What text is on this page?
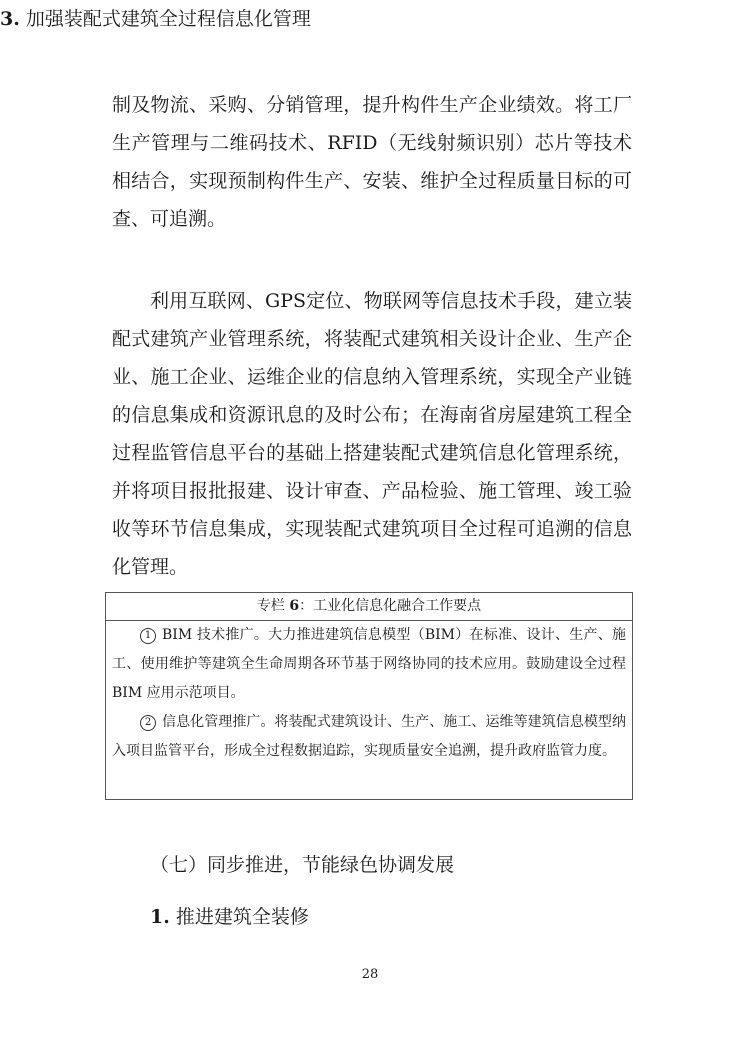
制及物流、采购、分销管理，提升构件生产企业绩效。将工厂生产管理与二维码技术、RFID（无线射频识别）芯片等技术相结合，实现预制构件生产、安装、维护全过程质量目标的可查、可追溯。

3. 加强装配式建筑全过程信息化管理

利用互联网、GPS定位、物联网等信息技术手段，建立装配式建筑产业管理系统，将装配式建筑相关设计企业、生产企业、施工企业、运维企业的信息纳入管理系统，实现全产业链的信息集成和资源讯息的及时公布；在海南省房屋建筑工程全过程监管信息平台的基础上搭建装配式建筑信息化管理系统，并将项目报批报建、设计审查、产品检验、施工管理、竣工验收等环节信息集成，实现装配式建筑项目全过程可追溯的信息化管理。

专栏 6：工业化信息化融合工作要点
1 BIM 技术推广。大力推进建筑信息模型（BIM）在标准、设计、生产、施工、使用维护等建筑全生命周期各环节基于网络协同的技术应用。鼓励建设全过程 BIM 应用示范项目。
2 信息化管理推广。将装配式建筑设计、生产、施工、运维等建筑信息模型纳入项目监管平台，形成全过程数据追踪，实现质量安全追溯，提升政府监管力度。
（七）同步推进，节能绿色协调发展
1. 推进建筑全装修
28
